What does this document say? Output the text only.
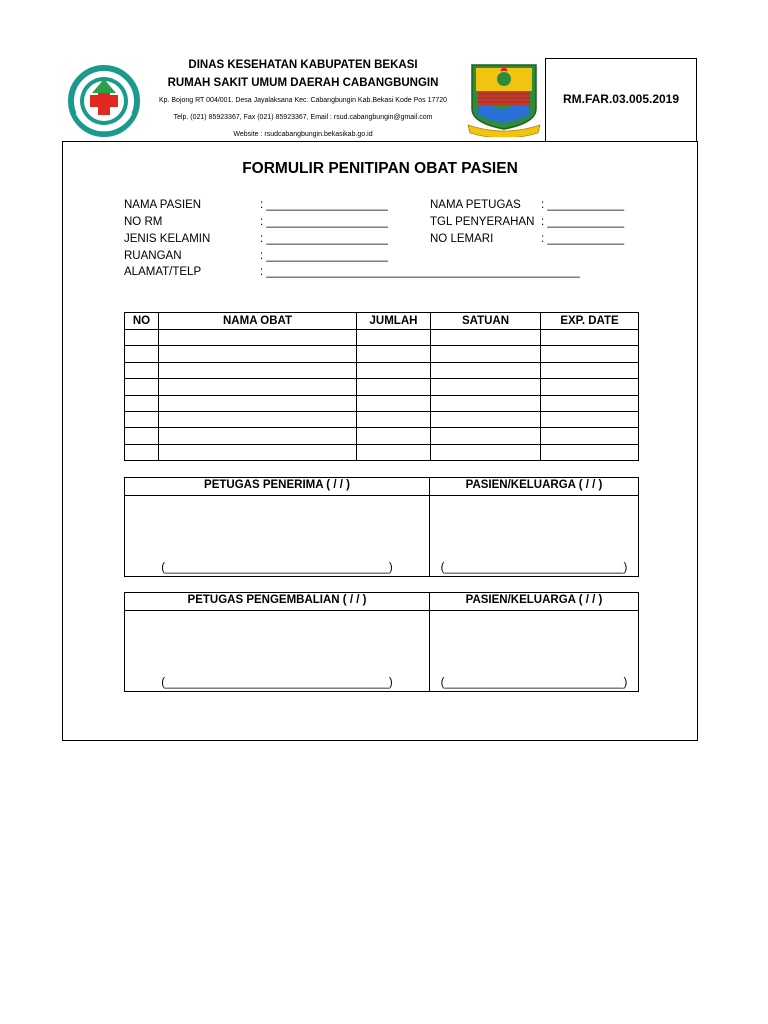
DINAS KESEHATAN KABUPATEN BEKASI
RUMAH SAKIT UMUM DAERAH CABANGBUNGIN
Kp. Bojong RT 004/001. Desa Jayalaksana Kec. Cabangbungin Kab.Bekasi Kode Pos 17720
Telp. (021) 85923367, Fax (021) 85923367, Email : rsud.cabangbungin@gmail.com
Website : rsudcabangbungin.bekasikab.go.id
RM.FAR.03.005.2019
FORMULIR PENITIPAN OBAT PASIEN
NAMA PASIEN	: ___________________
NO RM	: ___________________
JENIS KELAMIN	: ___________________
RUANGAN	: ___________________
ALAMAT/TELP	: _________________________________________________
NAMA PETUGAS : ____________
TGL PENYERAHAN : ____________
NO LEMARI	: ____________
NO	NAMA OBAT	JUMLAH	SATUAN	EXP. DATE

PETUGAS PENERIMA ( / / )	PASIEN/KELUARGA ( / / )

(___________________________________)	(____________________________)
PETUGAS PENGEMBALIAN ( / / )	PASIEN/KELUARGA ( / / )

(___________________________________)	(____________________________)
